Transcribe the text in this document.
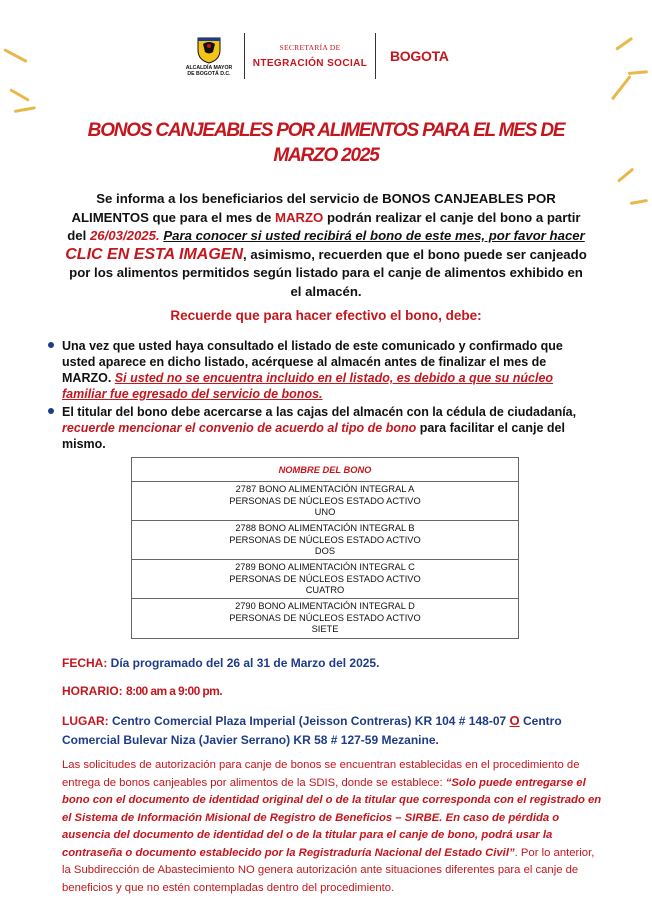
ALCALDÍA MAYOR
DE BOGOTÁ D.C.
SECRETARÍA DE
NTEGRACIÓN SOCIAL BOGOTA
BONOS CANJEABLES POR ALIMENTOS PARA EL MES DE
MARZO 2025

Se informa a los beneficiarios del servicio de BONOS CANJEABLES POR ALIMENTOS que para el mes de MARZO podrán realizar el canje del bono a partir del 26/03/2025. Para conocer si usted recibirá el bono de este mes, por favor hacer CLIC EN ESTA IMAGEN, asimismo, recuerden que el bono puede ser canjeado por los alimentos permitidos según listado para el canje de alimentos exhibido en el almacén.

Recuerde que para hacer efectivo el bono, debe:
Una vez que usted haya consultado el listado de este comunicado y confirmado que usted aparece en dicho listado, acérquese al almacén antes de finalizar el mes de MARZO. Si usted no se encuentra incluido en el listado, es debido a que su núcleo familiar fue egresado del servicio de bonos.
El titular del bono debe acercarse a las cajas del almacén con la cédula de ciudadanía, recuerde mencionar el convenio de acuerdo al tipo de bono para facilitar el canje del mismo.
NOMBRE DEL BONO
2787 BONO ALIMENTACIÓN INTEGRAL A
PERSONAS DE NÚCLEOS ESTADO ACTIVO
UNO
2788 BONO ALIMENTACIÓN INTEGRAL B
PERSONAS DE NÚCLEOS ESTADO ACTIVO
DOS
2789 BONO ALIMENTACIÓN INTEGRAL C
PERSONAS DE NÚCLEOS ESTADO ACTIVO
CUATRO
2790 BONO ALIMENTACIÓN INTEGRAL D
PERSONAS DE NÚCLEOS ESTADO ACTIVO
SIETE
FECHA: Día programado del 26 al 31 de Marzo del 2025.
HORARIO: 8:00 am a 9:00 pm.
LUGAR: Centro Comercial Plaza Imperial (Jeisson Contreras) KR 104 # 148-07 O Centro Comercial Bulevar Niza (Javier Serrano) KR 58 # 127-59 Mezanine.

Las solicitudes de autorización para canje de bonos se encuentran establecidas en el procedimiento de entrega de bonos canjeables por alimentos de la SDIS, donde se establece: “Solo puede entregarse el bono con el documento de identidad original del o de la titular que corresponda con el registrado en el Sistema de Información Misional de Registro de Beneficios – SIRBE. En caso de pérdida o ausencia del documento de identidad del o de la titular para el canje de bono, podrá usar la contraseña o documento establecido por la Registraduría Nacional del Estado Civil”. Por lo anterior, la Subdirección de Abastecimiento NO genera autorización ante situaciones diferentes para el canje de beneficios y que no estén contempladas dentro del procedimiento.
